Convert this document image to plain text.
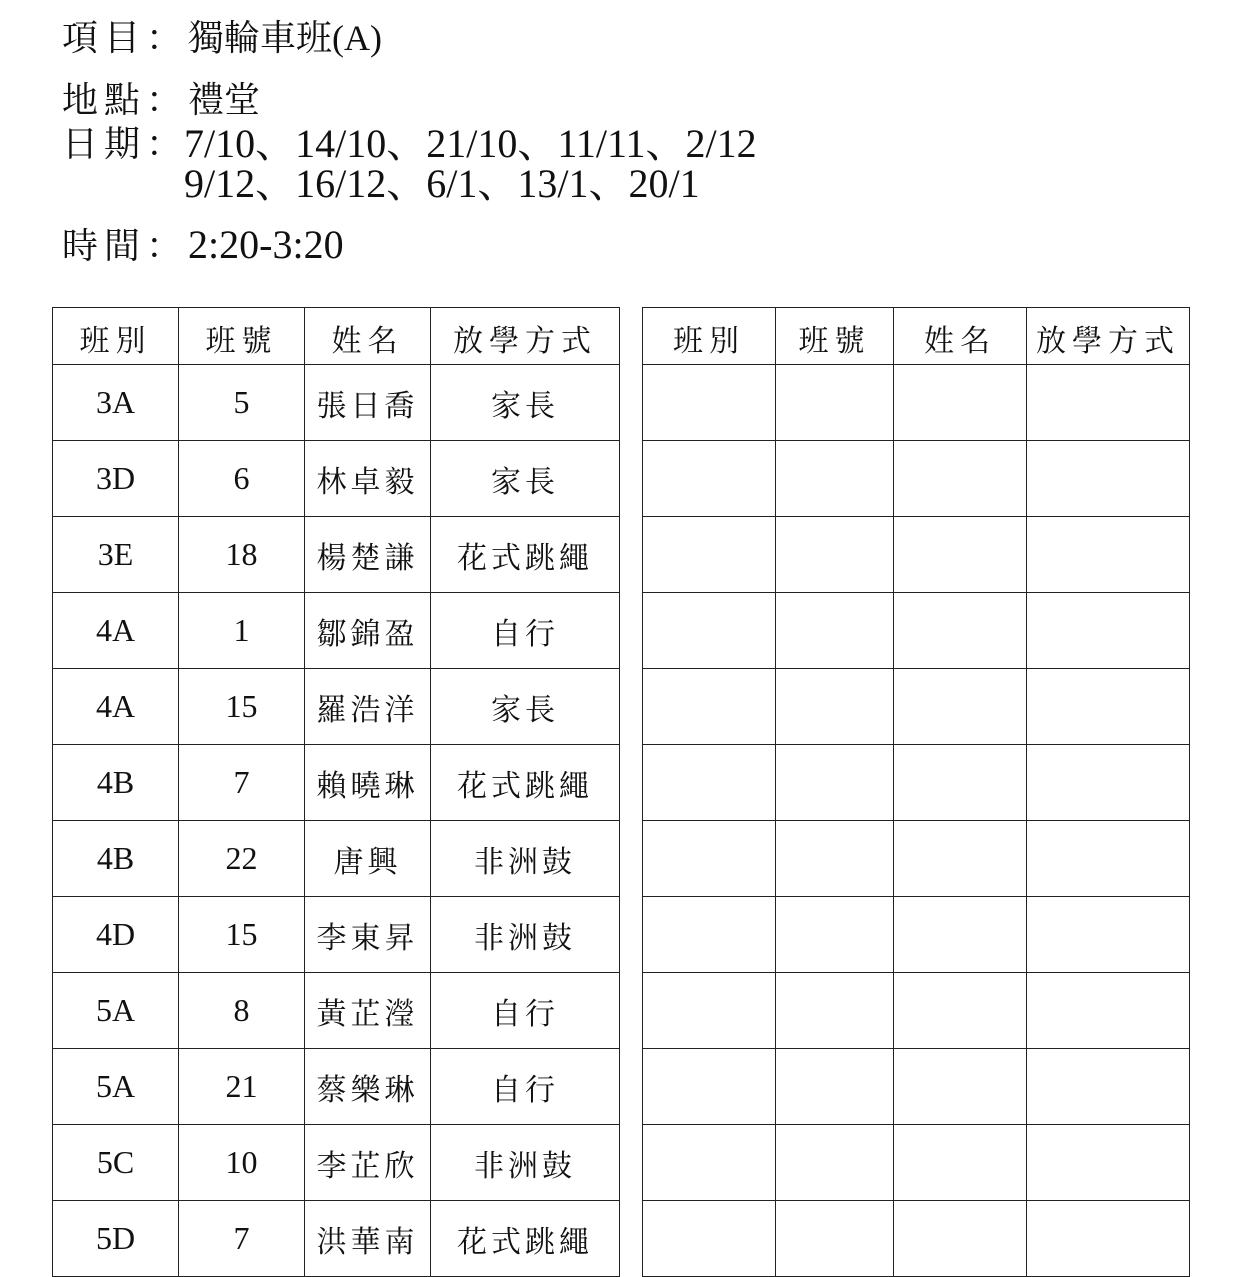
項目：獨輪車班(A)
地點：禮堂
日期：
7/10、14/10、21/10、11/11、2/12
9/12、16/12、6/1、13/1、20/1
時間：2:20-3:20
班別	班號	姓名	放學方式
3A	5	張日喬	家長
3D	6	林卓毅	家長
3E	18	楊楚謙	花式跳繩
4A	1	鄒錦盈	自行
4A	15	羅浩洋	家長
4B	7	賴曉琳	花式跳繩
4B	22	唐興	非洲鼓
4D	15	李東昇	非洲鼓
5A	8	黃芷瀅	自行
5A	21	蔡樂琳	自行
5C	10	李芷欣	非洲鼓
5D	7	洪華南	花式跳繩
班別	班號	姓名	放學方式
